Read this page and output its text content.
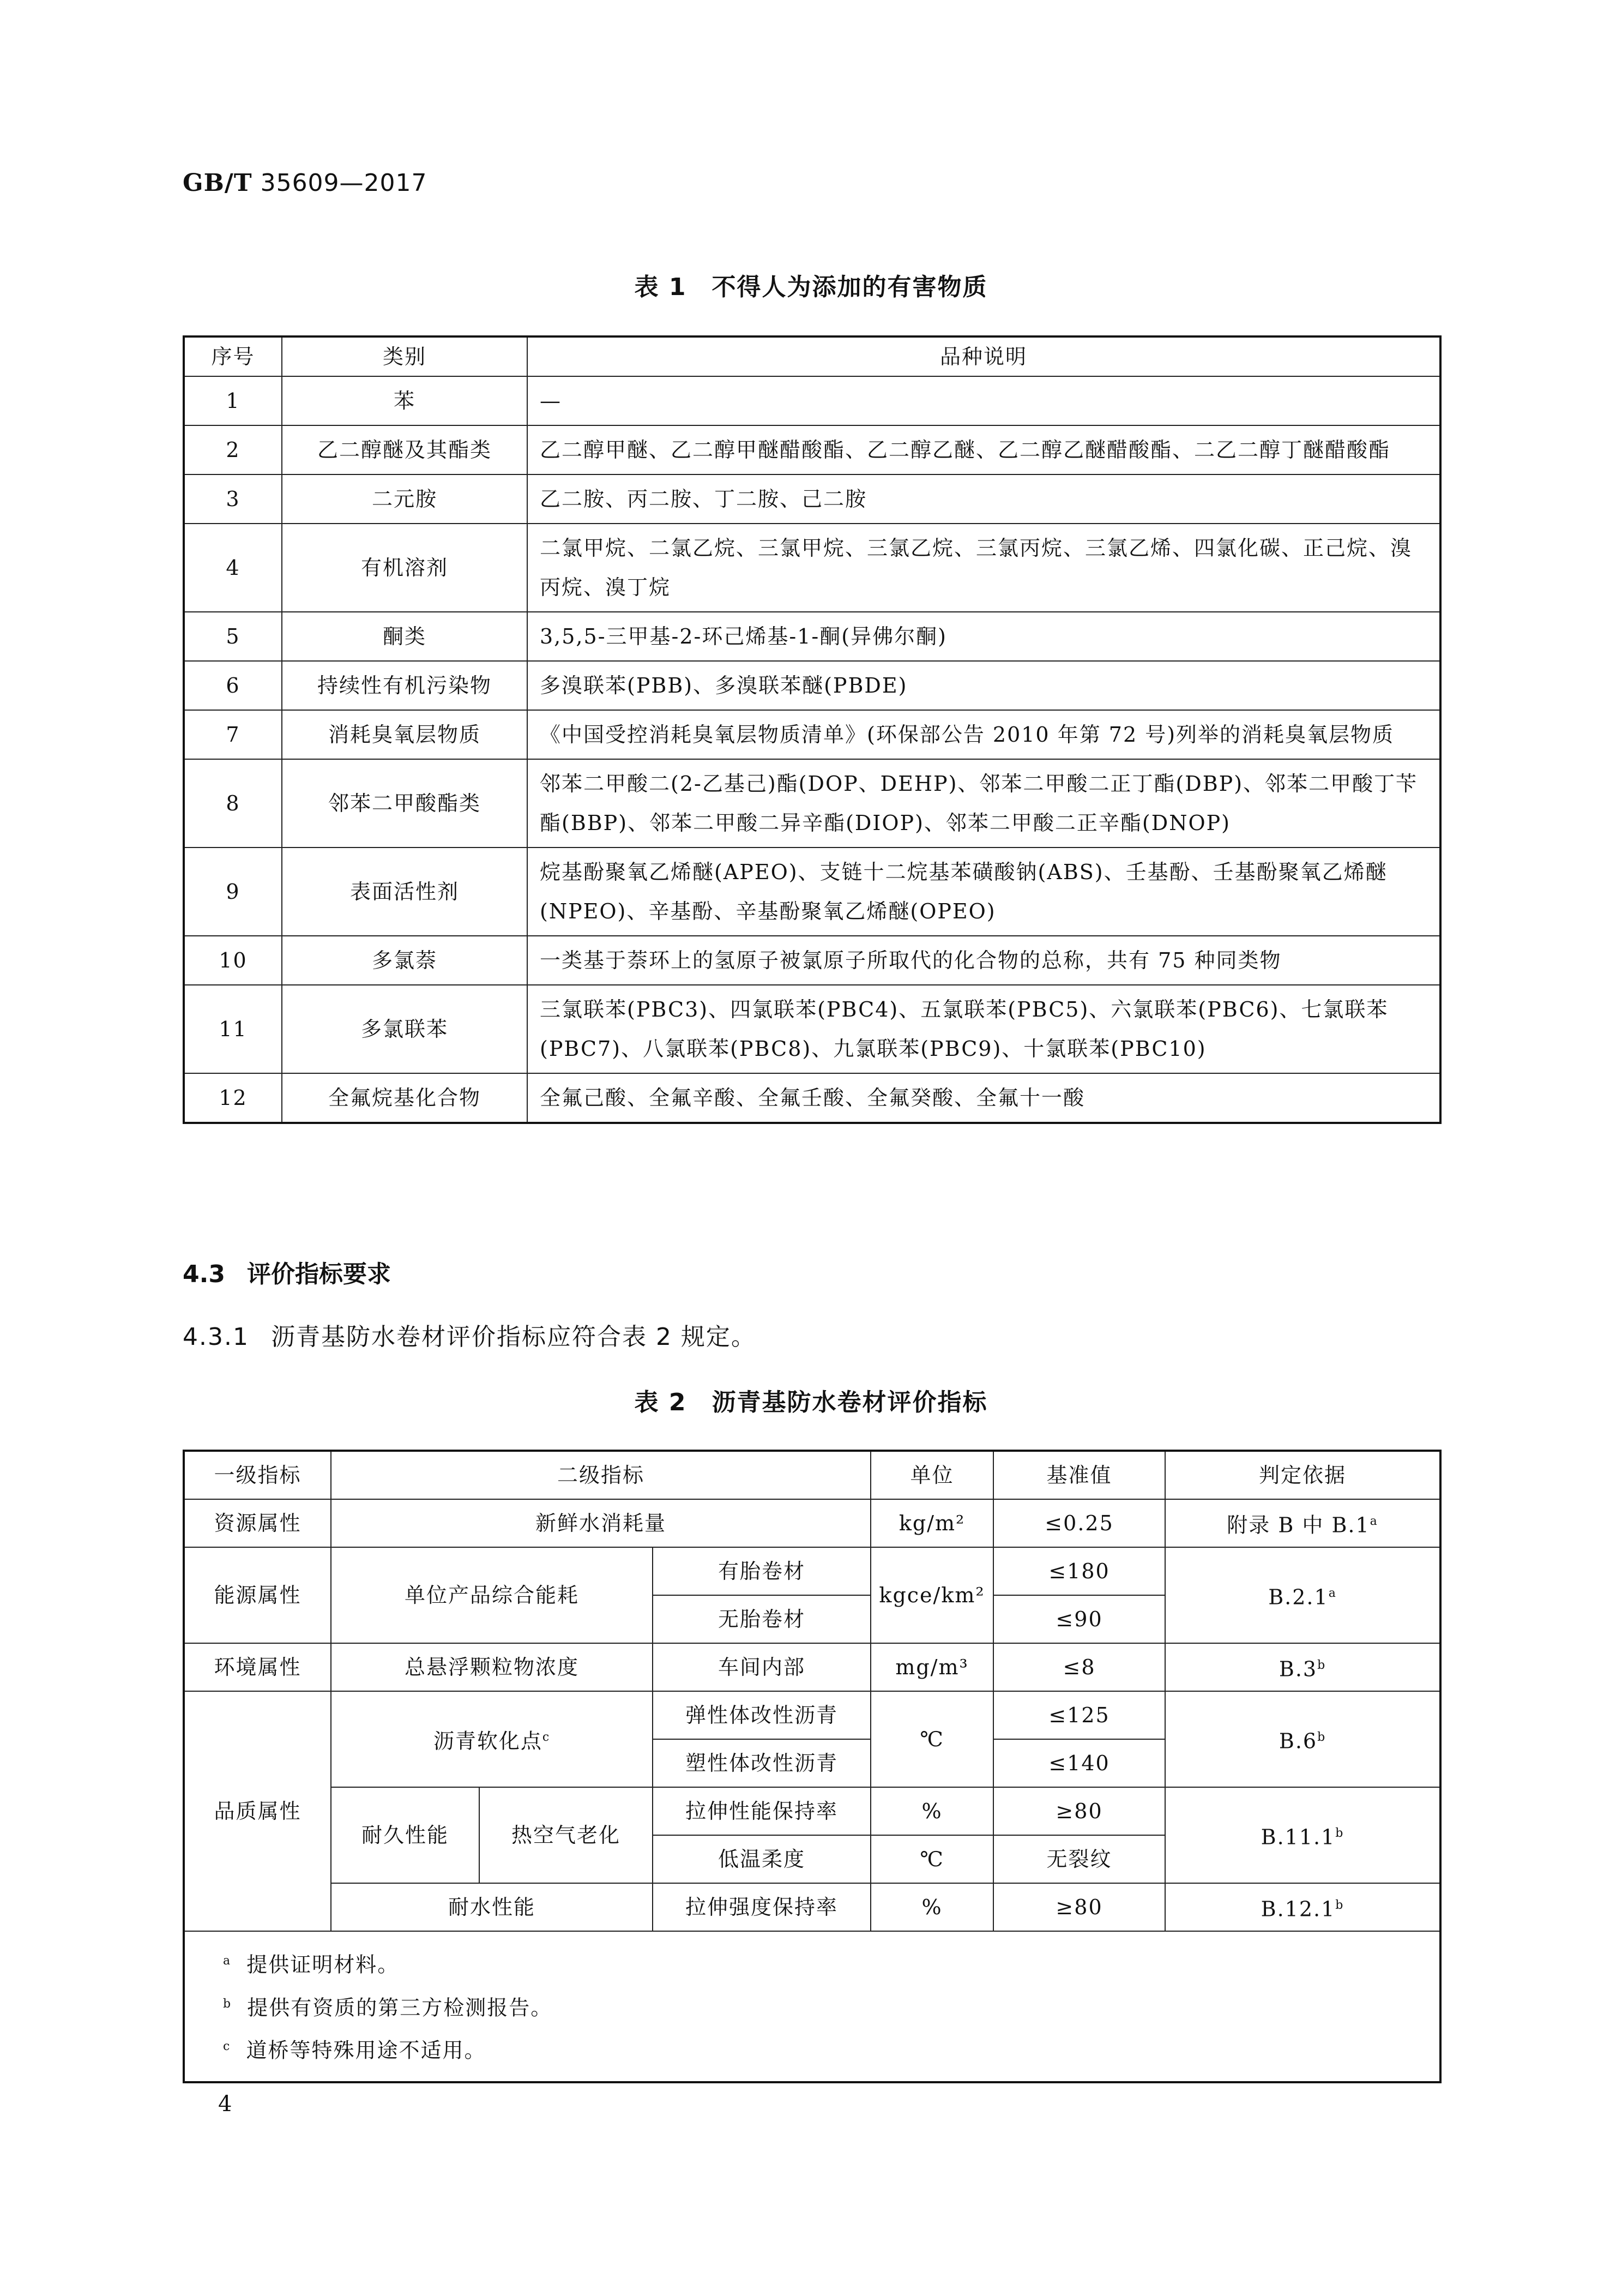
GB/T 35609—2017
表 1　不得人为添加的有害物质
序号	类别	品种说明
1	苯	—
2	乙二醇醚及其酯类	乙二醇甲醚、乙二醇甲醚醋酸酯、乙二醇乙醚、乙二醇乙醚醋酸酯、二乙二醇丁醚醋酸酯
3	二元胺	乙二胺、丙二胺、丁二胺、己二胺
4	有机溶剂	二氯甲烷、二氯乙烷、三氯甲烷、三氯乙烷、三氯丙烷、三氯乙烯、四氯化碳、正己烷、溴丙烷、溴丁烷
5	酮类	3,5,5-三甲基-2-环己烯基-1-酮(异佛尔酮)
6	持续性有机污染物	多溴联苯(PBB)、多溴联苯醚(PBDE)
7	消耗臭氧层物质	《中国受控消耗臭氧层物质清单》(环保部公告 2010 年第 72 号)列举的消耗臭氧层物质
8	邻苯二甲酸酯类	邻苯二甲酸二(2-乙基己)酯(DOP、DEHP)、邻苯二甲酸二正丁酯(DBP)、邻苯二甲酸丁苄酯(BBP)、邻苯二甲酸二异辛酯(DIOP)、邻苯二甲酸二正辛酯(DNOP)
9	表面活性剂	烷基酚聚氧乙烯醚(APEO)、支链十二烷基苯磺酸钠(ABS)、壬基酚、壬基酚聚氧乙烯醚(NPEO)、辛基酚、辛基酚聚氧乙烯醚(OPEO)
10	多氯萘	一类基于萘环上的氢原子被氯原子所取代的化合物的总称，共有 75 种同类物
11	多氯联苯	三氯联苯(PBC3)、四氯联苯(PBC4)、五氯联苯(PBC5)、六氯联苯(PBC6)、七氯联苯(PBC7)、八氯联苯(PBC8)、九氯联苯(PBC9)、十氯联苯(PBC10)
12	全氟烷基化合物	全氟己酸、全氟辛酸、全氟壬酸、全氟癸酸、全氟十一酸
4.3 评价指标要求
4.3.1 沥青基防水卷材评价指标应符合表 2 规定。
表 2　沥青基防水卷材评价指标
一级指标	二级指标			单位	基准值	判定依据
资源属性	新鲜水消耗量			kg/m²	≤0.25	附录 B 中 B.1$^a$
能源属性	单位产品综合能耗		有胎卷材	kgce/km²	≤180	B.2.1$^a$
			无胎卷材		≤90	
环境属性	总悬浮颗粒物浓度		车间内部	mg/m³	≤8	B.3$^b$
品质属性	沥青软化点$^c$		弹性体改性沥青	℃	≤125	B.6$^b$
			塑性体改性沥青		≤140	
	耐久性能	热空气老化	拉伸性能保持率	%	≥80	B.11.1$^b$
			低温柔度	℃	无裂纹	
	耐水性能		拉伸强度保持率	%	≥80	B.12.1$^b$

$^a$ 提供证明材料。
$^b$ 提供有资质的第三方检测报告。
$^c$ 道桥等特殊用途不适用。						
4
